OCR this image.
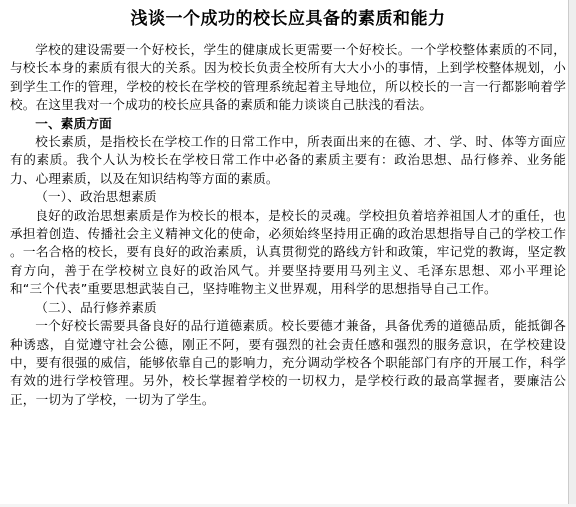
浅谈一个成功的校长应具备的素质和能力

学校的建设需要一个好校长，学生的健康成长更需要一个好校长。一个学校整体素质的不同，与校长本身的素质有很大的关系。因为校长负责全校所有大大小小的事情，上到学校整体规划，小到学生工作的管理，学校的校长在学校的管理系统起着主导地位，所以校长的一言一行都影响着学校。在这里我对一个成功的校长应具备的素质和能力谈谈自己肤浅的看法。

一、素质方面

校长素质，是指校长在学校工作的日常工作中，所表面出来的在德、才、学、时、体等方面应有的素质。我个人认为校长在学校日常工作中必备的素质主要有：政治思想、品行修养、业务能力、心理素质，以及在知识结构等方面的素质。

（一）、政治思想素质

良好的政治思想素质是作为校长的根本，是校长的灵魂。学校担负着培养祖国人才的重任，也承担着创造、传播社会主义精神文化的使命，必须始终坚持用正确的政治思想指导自己的学校工作 。一名合格的校长，要有良好的政治素质，认真贯彻党的路线方针和政策，牢记党的教诲，坚定教育方向，善于在学校树立良好的政治风气。并要坚持要用马列主义、毛泽东思想、邓小平理论和“三个代表”重要思想武装自己，坚持唯物主义世界观，用科学的思想指导自己工作。

（二）、品行修养素质

一个好校长需要具备良好的品行道德素质。校长要德才兼备，具备优秀的道德品质，能抵御各种诱惑，自觉遵守社会公德，刚正不阿，要有强烈的社会责任感和强烈的服务意识，在学校建设中，要有很强的威信，能够依靠自己的影响力，充分调动学校各个职能部门有序的开展工作，科学有效的进行学校管理。另外，校长掌握着学校的一切权力，是学校行政的最高掌握者，要廉洁公正，一切为了学校，一切为了学生。
